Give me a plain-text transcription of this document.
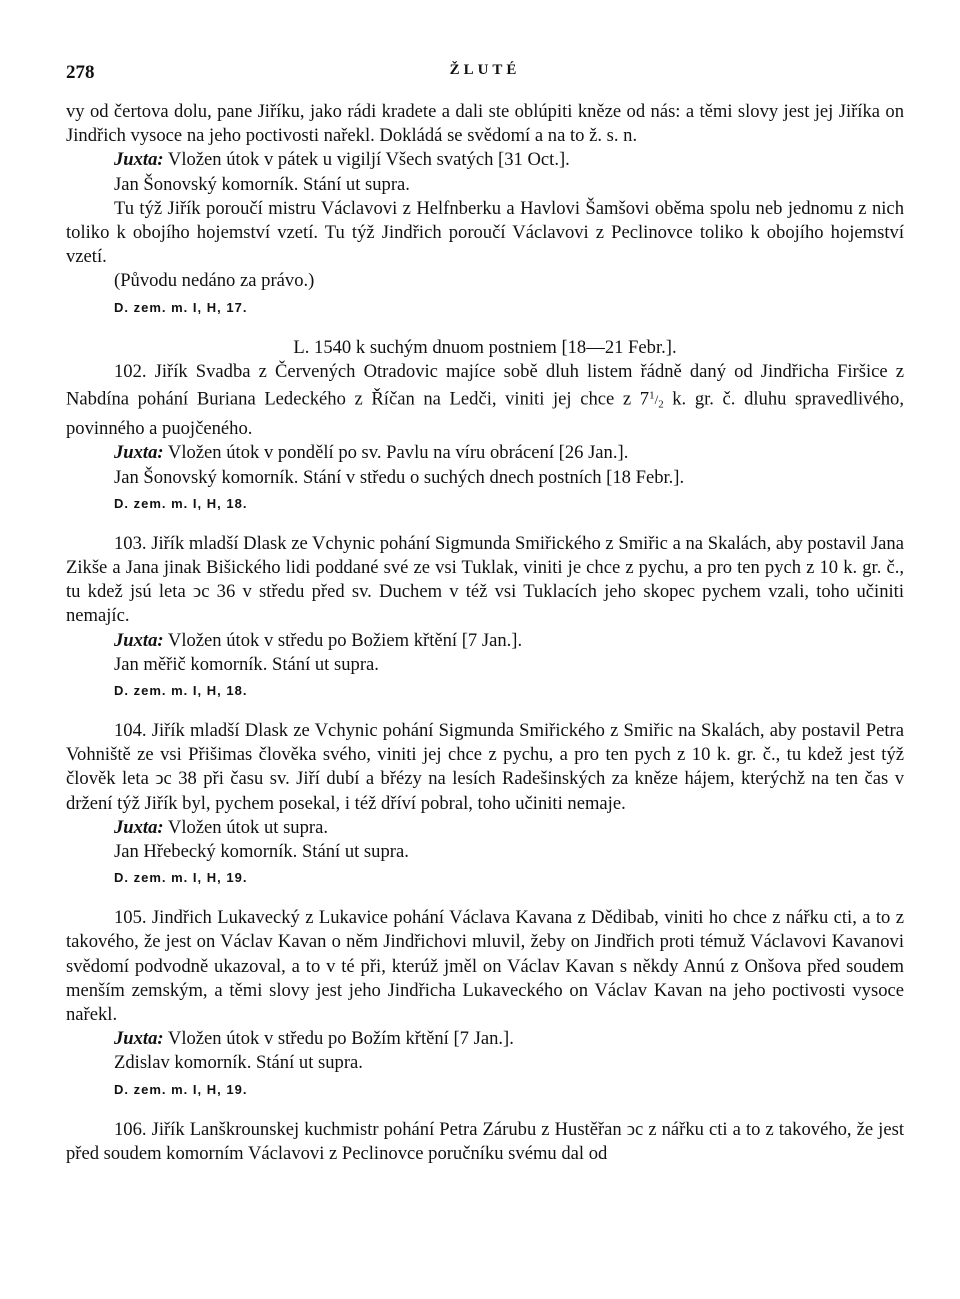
278	ŽLUTÉ

vy od čertova dolu, pane Jiříku, jako rádi kradete a dali ste oblúpiti kněze od nás: a těmi slovy jest jej Jiříka on Jindřich vysoce na jeho poctivosti nařekl. Dokládá se svědomí a na to ž. s. n.

Juxta: Vložen útok v pátek u vigiljí Všech svatých [31 Oct.].

Jan Šonovský komorník. Stání ut supra.

Tu týž Jiřík poroučí mistru Václavovi z Helfnberku a Havlovi Šamšovi oběma spolu neb jednomu z nich toliko k obojího hojemství vzetí. Tu týž Jindřich poroučí Václavovi z Peclinovce toliko k obojího hojemství vzetí.

(Původu nedáno za právo.)

D. zem. m. I, H, 17.

L. 1540 k suchým dnuom postniem [18—21 Febr.].

102. Jiřík Svadba z Červených Otradovic majíce sobě dluh listem řádně daný od Jindřicha Firšice z Nabdína pohání Buriana Ledeckého z Říčan na Ledči, viniti jej chce z $7^1/_2$ k. gr. č. dluhu spravedlivého, povinného a puojčeného.

Juxta: Vložen útok v pondělí po sv. Pavlu na víru obrácení [26 Jan.].

Jan Šonovský komorník. Stání v středu o suchých dnech postních [18 Febr.].

D. zem. m. I, H, 18.

103. Jiřík mladší Dlask ze Vchynic pohání Sigmunda Smiřického z Smiřic a na Skalách, aby postavil Jana Zikše a Jana jinak Bišického lidi poddané své ze vsi Tuklak, viniti je chce z pychu, a pro ten pych z 10 k. gr. č., tu kdež jsú leta ↄc 36 v středu před sv. Duchem v též vsi Tuklacích jeho skopec pychem vzali, toho učiniti nemajíc.

Juxta: Vložen útok v středu po Božiem křtění [7 Jan.].

Jan měřič komorník. Stání ut supra.

D. zem. m. I, H, 18.

104. Jiřík mladší Dlask ze Vchynic pohání Sigmunda Smiřického z Smiřic na Skalách, aby postavil Petra Vohniště ze vsi Přišimas člověka svého, viniti jej chce z pychu, a pro ten pych z 10 k. gr. č., tu kdež jest týž člověk leta ↄc 38 při času sv. Jiří dubí a břézy na lesích Radešinských za kněze hájem, kterýchž na ten čas v držení týž Jiřík byl, pychem posekal, i též dříví pobral, toho učiniti nemaje.

Juxta: Vložen útok ut supra.

Jan Hřebecký komorník. Stání ut supra.

D. zem. m. I, H, 19.

105. Jindřich Lukavecký z Lukavice pohání Václava Kavana z Dědibab, viniti ho chce z nářku cti, a to z takového, že jest on Václav Kavan o něm Jindřichovi mluvil, žeby on Jindřich proti témuž Václavovi Kavanovi svědomí podvodně ukazoval, a to v té při, kterúž jměl on Václav Kavan s někdy Annú z Onšova před soudem menším zemským, a těmi slovy jest jeho Jindřicha Lukaveckého on Václav Kavan na jeho poctivosti vysoce nařekl.

Juxta: Vložen útok v středu po Božím křtění [7 Jan.].

Zdislav komorník. Stání ut supra.

D. zem. m. I, H, 19.

106. Jiřík Lanškrounskej kuchmistr pohání Petra Zárubu z Hustěřan ↄc z nářku cti a to z takového, že jest před soudem komorním Václavovi z Peclinovce poručníku svému dal od
